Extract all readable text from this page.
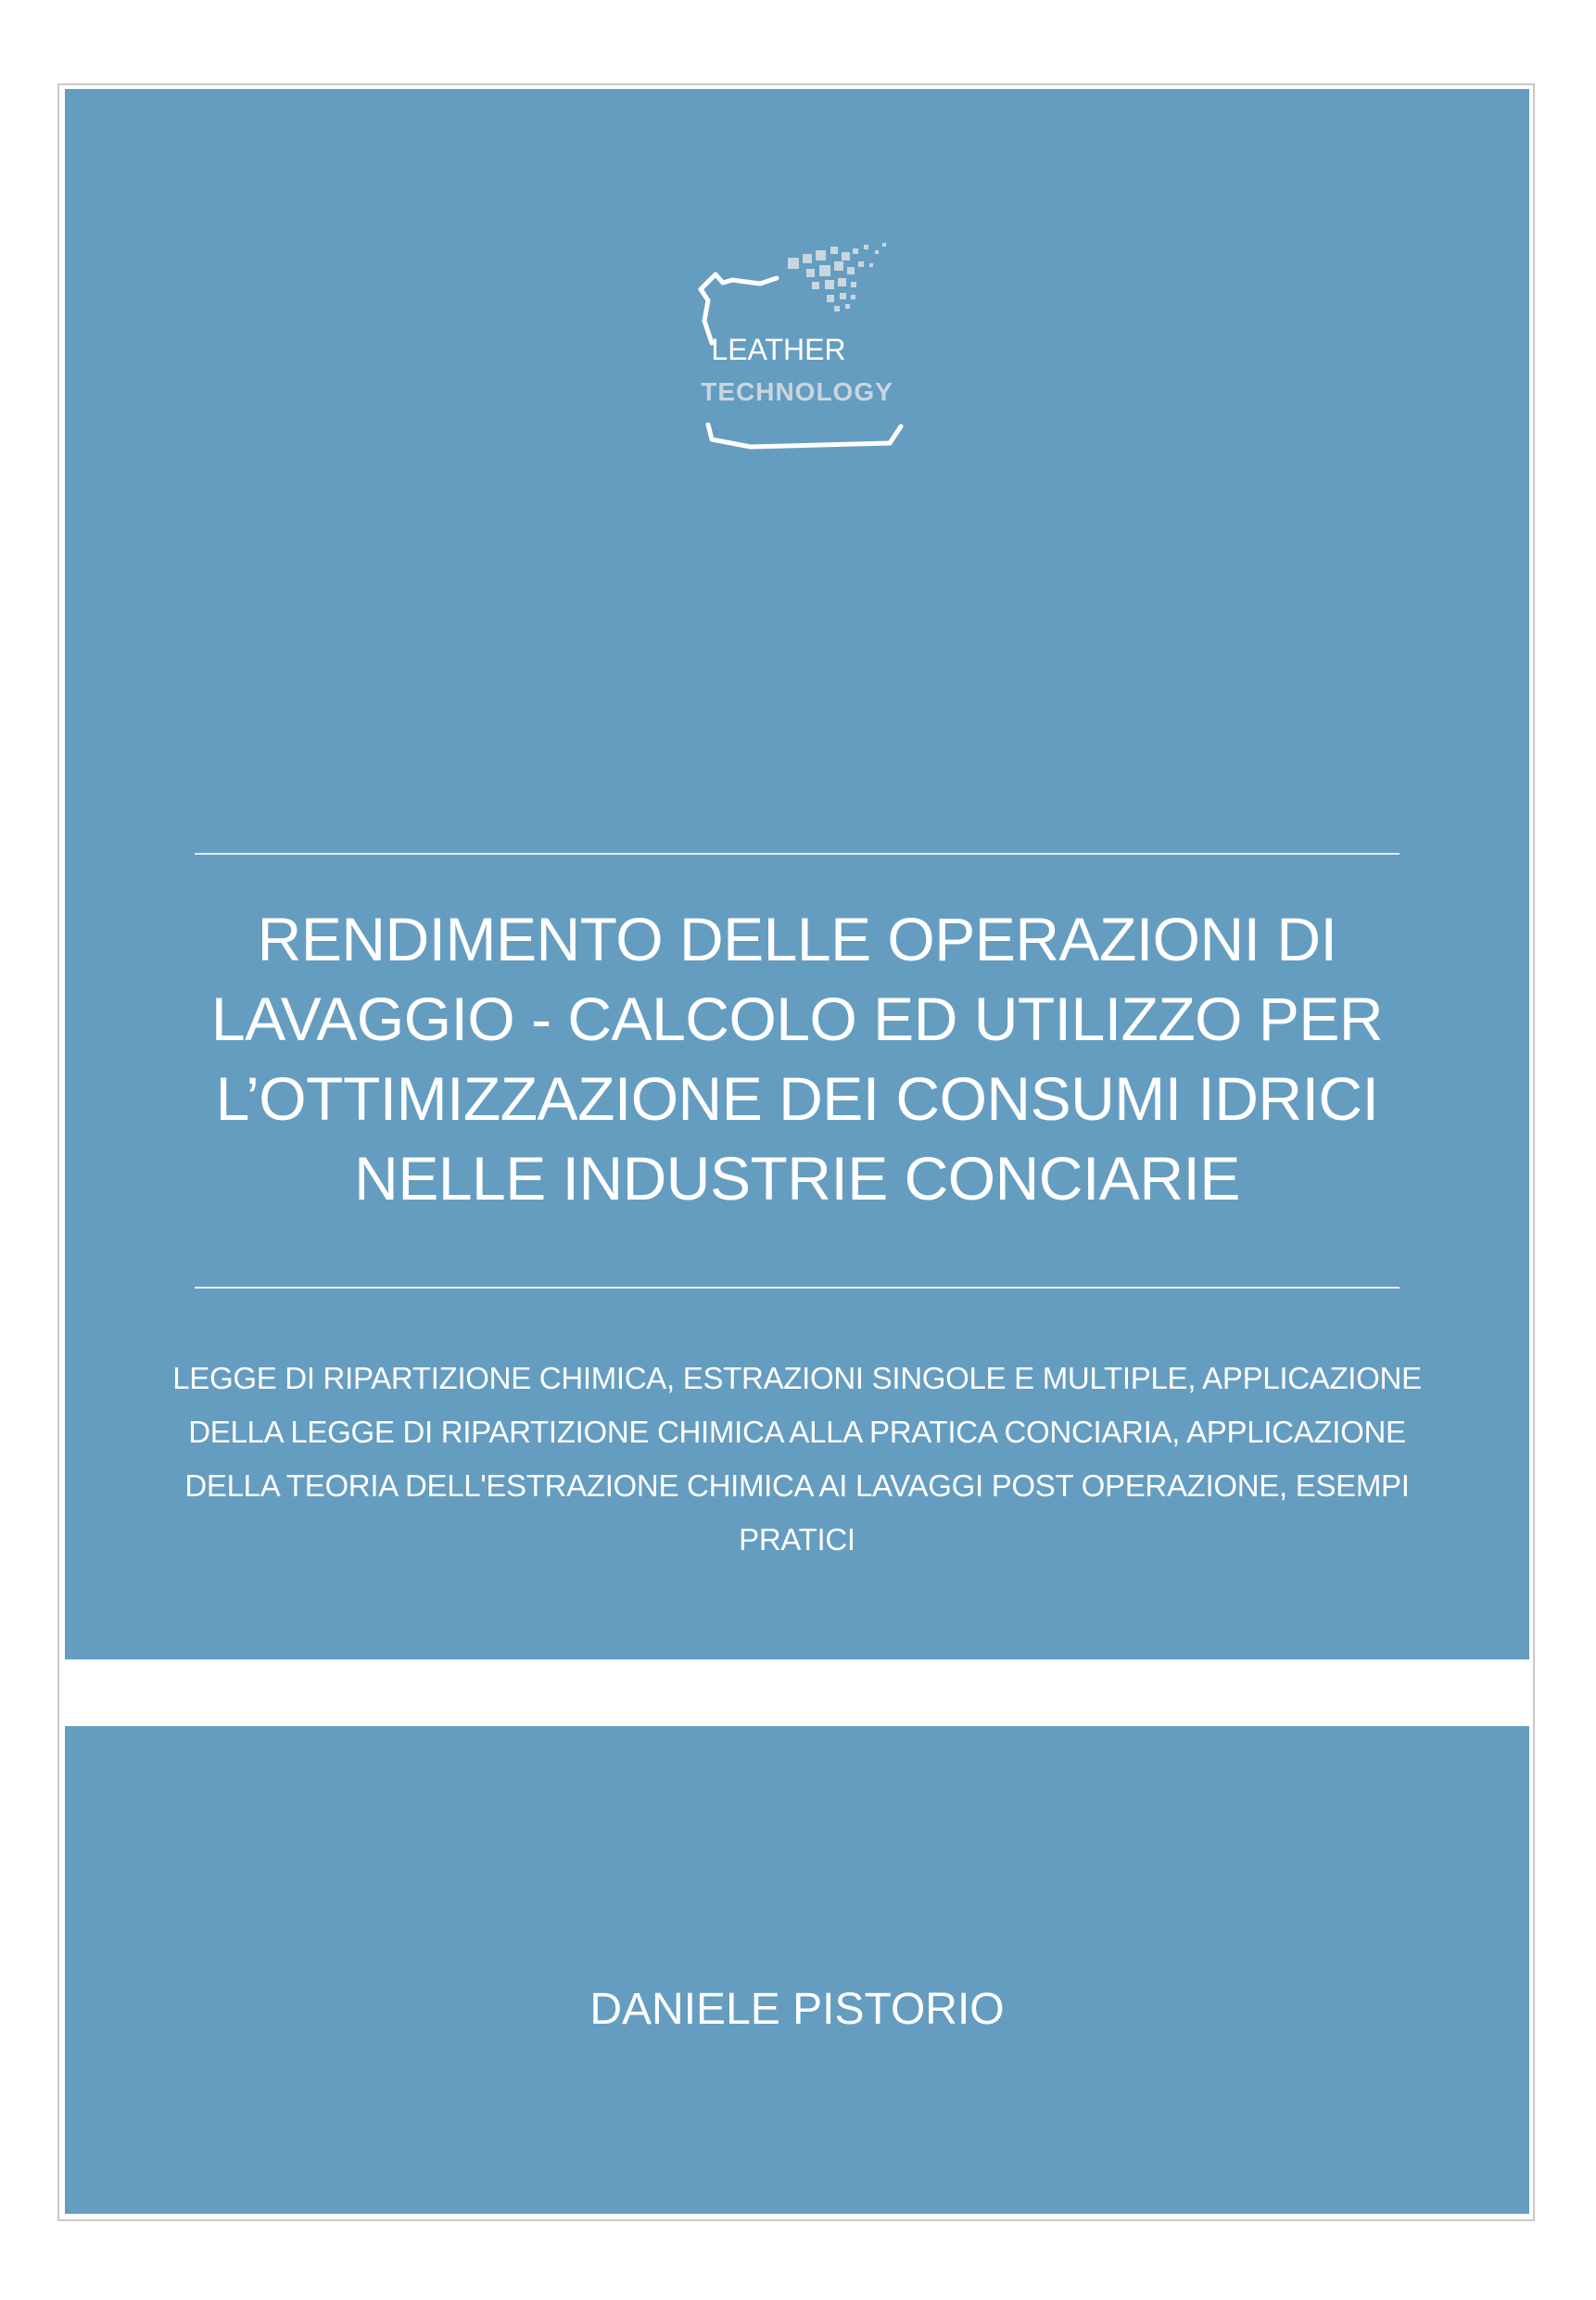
LEATHER
TECHNOLOGY
RENDIMENTO DELLE OPERAZIONI DI LAVAGGIO - CALCOLO ED UTILIZZO PER L’OTTIMIZZAZIONE DEI CONSUMI IDRICI NELLE INDUSTRIE CONCIARIE

LEGGE DI RIPARTIZIONE CHIMICA, ESTRAZIONI SINGOLE E MULTIPLE, APPLICAZIONE DELLA LEGGE DI RIPARTIZIONE CHIMICA ALLA PRATICA CONCIARIA, APPLICAZIONE DELLA TEORIA DELL'ESTRAZIONE CHIMICA AI LAVAGGI POST OPERAZIONE, ESEMPI PRATICI

DANIELE PISTORIO
